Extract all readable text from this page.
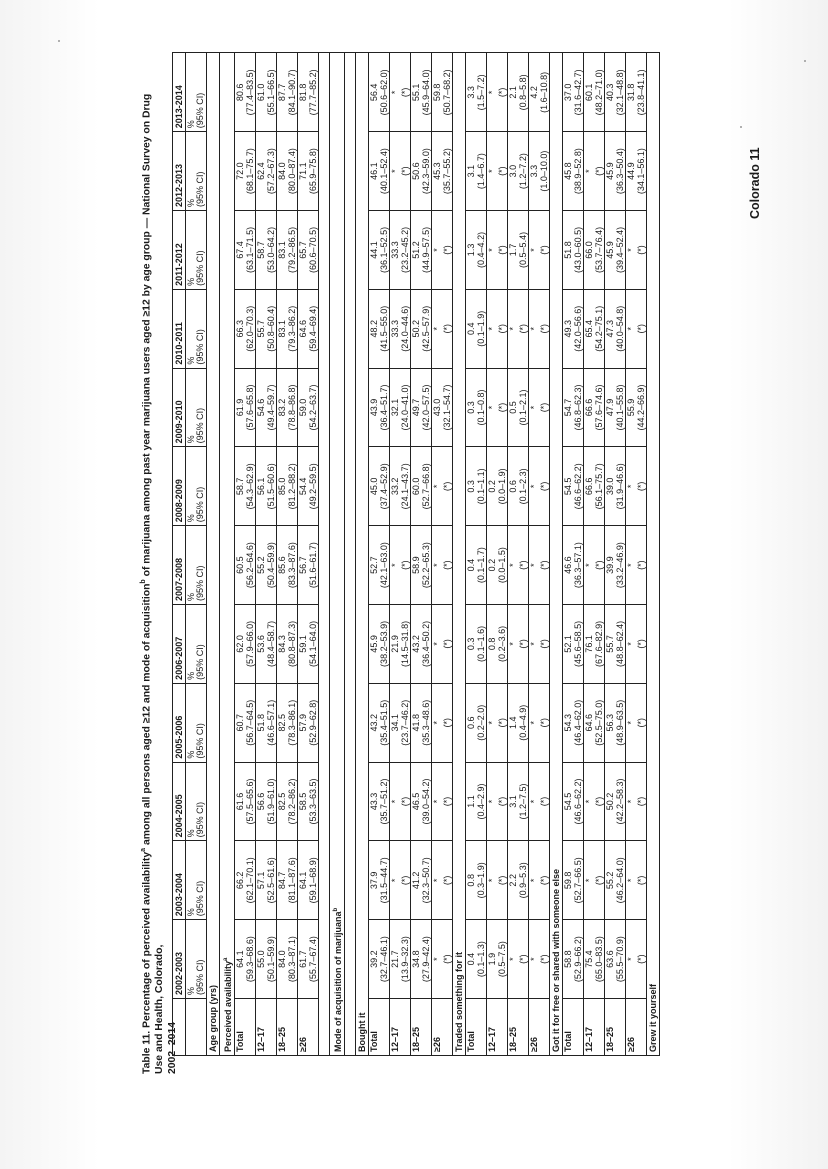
Table 11. Percentage of perceived availability$^a$ among all persons aged ≥12 and mode of acquisition$^b$ of marijuana among past year marijuana users aged ≥12 by age group — National Survey on Drug Use and Health, Colorado, 2002–2014
	2002-2003	2003-2004	2004-2005	2005-2006	2006-2007	2007-2008	2008-2009	2009-2010	2010-2011	2011-2012	2012-2013	2013-2014

	% (95% CI)	% (95% CI)	% (95% CI)	% (95% CI)	% (95% CI)	% (95% CI)	% (95% CI)	% (95% CI)	% (95% CI)	% (95% CI)	% (95% CI)	% (95% CI)

Age group (yrs)												
Perceived availability$^a$
Total	64.1 (59.3–68.6)	66.2 (62.1–70.1)	61.6 (57.5–65.6)	60.7 (56.7–64.5)	62.0 (57.9–66.0)	60.5 (56.2–64.6)	58.7 (54.3–62.9)	61.9 (57.6–65.8)	66.3 (62.0–70.3)	67.4 (63.1–71.5)	72.0 (68.1–75.7)	80.6 (77.4–83.5)

12–17	55.0 (50.1–59.9)	57.1 (52.5–61.6)	56.6 (51.9–61.0)	51.8 (46.6–57.1)	53.6 (48.4–58.7)	55.2 (50.4–59.9)	56.1 (51.5–60.6)	54.6 (49.4–59.7)	55.7 (50.8–60.4)	58.7 (53.0–64.2)	62.4 (57.2–67.3)	61.0 (55.1–66.5)

18–25	84.0 (80.3–87.1)	84.7 (81.1–87.6)	82.5 (78.2–86.2)	82.5 (78.3–86.1)	84.3 (80.8–87.3)	85.6 (83.3–87.6)	85.0 (81.2–88.2)	83.2 (78.8–86.8)	83.1 (79.3–86.2)	83.1 (79.2–86.5)	84.0 (80.0–87.4)	87.7 (84.1–90.7)

≥26	61.7 (55.7–67.4)	64.1 (59.1–68.9)	58.5 (53.3–63.5)	57.9 (52.9–62.8)	59.1 (54.1–64.0)	56.7 (51.6–61.7)	54.4 (49.2–59.5)	59.0 (54.2–63.7)	64.6 (59.4–69.4)	65.7 (60.6–70.5)	71.1 (65.9–75.8)	81.8 (77.7–85.2)

Mode of acquisition of marijuana$^b$

Bought it												
Total	39.2 (32.7–46.1)	37.9 (31.5–44.7)	43.3 (35.7–51.2)	43.2 (35.4–51.5)	45.9 (38.2–53.9)	52.7 (42.1–63.0)	45.0 (37.4–52.9)	43.9 (36.4–51.7)	48.2 (41.5–55.0)	44.1 (36.1–52.5)	46.1 (40.1–52.4)	56.4 (50.6–62.0)

12–17	21.7 (13.9–32.3)	* (*)	* (*)	34.1 (23.7–46.2)	21.9 (14.5–31.8)	* (*)	33.2 (24.1–43.7)	32.1 (24.0–41.0)	33.3 (24.0–44.6)	33.3 (23.2–45.2)	* (*)	* (*)

18–25	34.8 (27.9–42.4)	41.2 (32.3–50.7)	46.5 (39.0–54.2)	41.8 (35.3–48.6)	43.2 (36.4–50.2)	58.9 (52.2–65.3)	60.0 (52.7–66.8)	49.7 (42.0–57.5)	50.2 (42.5–57.9)	51.2 (44.9–57.5)	50.6 (42.3–59.0)	55.1 (45.9–64.0)

≥26	* (*)	* (*)	* (*)	* (*)	* (*)	* (*)	* (*)	43.0 (32.1–54.7)	* (*)	* (*)	45.3 (35.7–55.2)	59.8 (50.7–68.2)

Traded something for it												
Total	0.4 (0.1–1.3)	0.8 (0.3–1.9)	1.1 (0.4–2.9)	0.6 (0.2–2.0)	0.3 (0.1–1.6)	0.4 (0.1–1.7)	0.3 (0.1–1.1)	0.3 (0.1–0.8)	0.4 (0.1–1.9)	1.3 (0.4–4.2)	3.1 (1.4–6.7)	3.3 (1.5–7.2)

12–17	1.9 (0.5–7.5)	* (*)	* (*)	* (*)	0.8 (0.2–3.6)	0.2 (0.0–1.5)	0.2 (0.0–1.9)	* (*)	* (*)	* (*)	* (*)	* (*)

18–25	* (*)	2.2 (0.9–5.3)	3.1 (1.2–7.5)	1.4 (0.4–4.9)	* (*)	* (*)	0.6 (0.1–2.3)	0.5 (0.1–2.1)	* (*)	1.7 (0.5–5.4)	3.0 (1.2–7.2)	2.1 (0.8–5.8)

≥26	* (*)	* (*)	* (*)	* (*)	* (*)	* (*)	* (*)	* (*)	* (*)	* (*)	3.3 (1.0–10.0)	4.2 (1.6–10.8)

Got it for free or shared with someone else												
Total	58.8 (52.9–66.2)	59.8 (52.7–66.5)	54.5 (46.6–62.2)	54.3 (46.4–62.0)	52.1 (45.6–58.5)	46.6 (36.3–57.1)	54.5 (46.6–62.2)	54.7 (46.8–62.3)	49.3 (42.0–56.6)	51.8 (43.0–60.5)	45.8 (38.9–52.8)	37.0 (31.6–42.7)

12–17	75.4 (65.0–83.5)	* (*)	* (*)	64.6 (52.5–75.0)	76.1 (67.6–82.9)	* (*)	66.6 (56.1–75.7)	66.6 (57.6–74.6)	65.4 (54.2–75.1)	66.0 (53.7–76.4)	* (*)	60.1 (48.2–71.0)

18–25	63.6 (55.5–70.9)	55.2 (46.2–64.0)	50.2 (42.2–58.3)	56.3 (48.9–63.5)	55.7 (48.8–62.4)	39.9 (33.2–46.9)	39.0 (31.9–46.6)	47.9 (40.1–55.8)	47.3 (40.0–54.8)	45.9 (39.4–52.4)	45.9 (36.3–50.4)	40.3 (32.1–48.8)

≥26	* (*)	* (*)	* (*)	* (*)	* (*)	* (*)	* (*)	55.9 (44.2–66.9)	* (*)	* (*)	44.9 (34.1–56.1)	31.8 (23.8–41.1)

Grew it yourself												
Colorado 11
